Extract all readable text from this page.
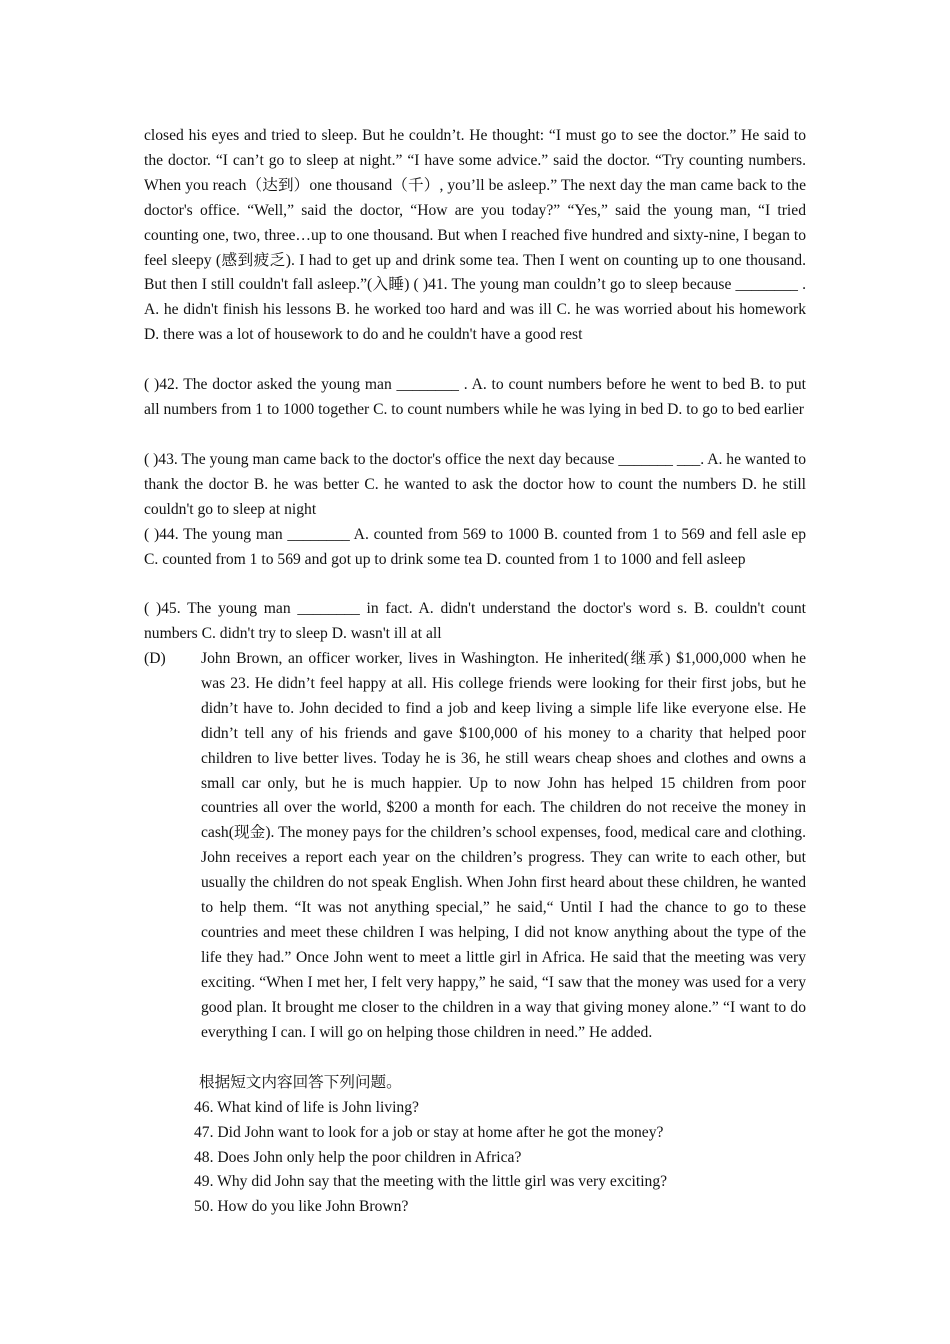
closed his eyes and tried to sleep. But he couldn’t. He thought: “I must go to see the doctor.” He said to the doctor. “I can’t go to sleep at night.” “I have some advice.” said the doctor. “Try counting numbers. When you reach（达到）one thousand（千）, you’ll be asleep.” The next day the man came back to the doctor's office. “Well,” said the doctor, “How are you today?” “Yes,” said the young man, “I tried counting one, two, three…up to one thousand. But when I reached five hundred and sixty-nine, I began to feel sleepy (感到疲乏). I had to get up and drink some tea. Then I went on counting up to one thousand. But then I still couldn't fall asleep.”(入睡) ( )41. The young man couldn’t go to sleep because ________ . A. he didn't finish his lessons B. he worked too hard and was ill C. he was worried about his homework D. there was a lot of housework to do and he couldn't have a good rest

( )42. The doctor asked the young man ________ . A. to count numbers before he went to bed B. to put all numbers from 1 to 1000 together C. to count numbers while he was lying in bed D. to go to bed earlier

( )43. The young man came back to the doctor's office the next day because _______ ___. A. he wanted to thank the doctor B. he was better C. he wanted to ask the doctor how to count the numbers D. he still couldn't go to sleep at night

( )44. The young man ________ A. counted from 569 to 1000 B. counted from 1 to 569 and fell asle ep C. counted from 1 to 569 and got up to drink some tea D. counted from 1 to 1000 and fell asleep

( )45. The young man ________ in fact. A. didn't understand the doctor's word s. B. couldn't count numbers C. didn't try to sleep D. wasn't ill at all

(D) John Brown, an officer worker, lives in Washington. He inherited(继承) $1,000,000 when he was 23. He didn’t feel happy at all. His college friends were looking for their first jobs, but he didn’t have to. John decided to find a job and keep living a simple life like everyone else. He didn’t tell any of his friends and gave $100,000 of his money to a charity that helped poor children to live better lives. Today he is 36, he still wears cheap shoes and clothes and owns a small car only, but he is much happier. Up to now John has helped 15 children from poor countries all over the world, $200 a month for each. The children do not receive the money in cash(现金). The money pays for the children’s school expenses, food, medical care and clothing. John receives a report each year on the children’s progress. They can write to each other, but usually the children do not speak English. When John first heard about these children, he wanted to help them. “It was not anything special,” he said,“ Until I had the chance to go to these countries and meet these children I was helping, I did not know anything about the type of the life they had.” Once John went to meet a little girl in Africa. He said that the meeting was very exciting. “When I met her, I felt very happy,” he said, “I saw that the money was used for a very good plan. It brought me closer to the children in a way that giving money alone.” “I want to do everything I can. I will go on helping those children in need.” He added.

根据短文内容回答下列问题。

46. What kind of life is John living?

47. Did John want to look for a job or stay at home after he got the money?

48. Does John only help the poor children in Africa?

49. Why did John say that the meeting with the little girl was very exciting?

50. How do you like John Brown?
